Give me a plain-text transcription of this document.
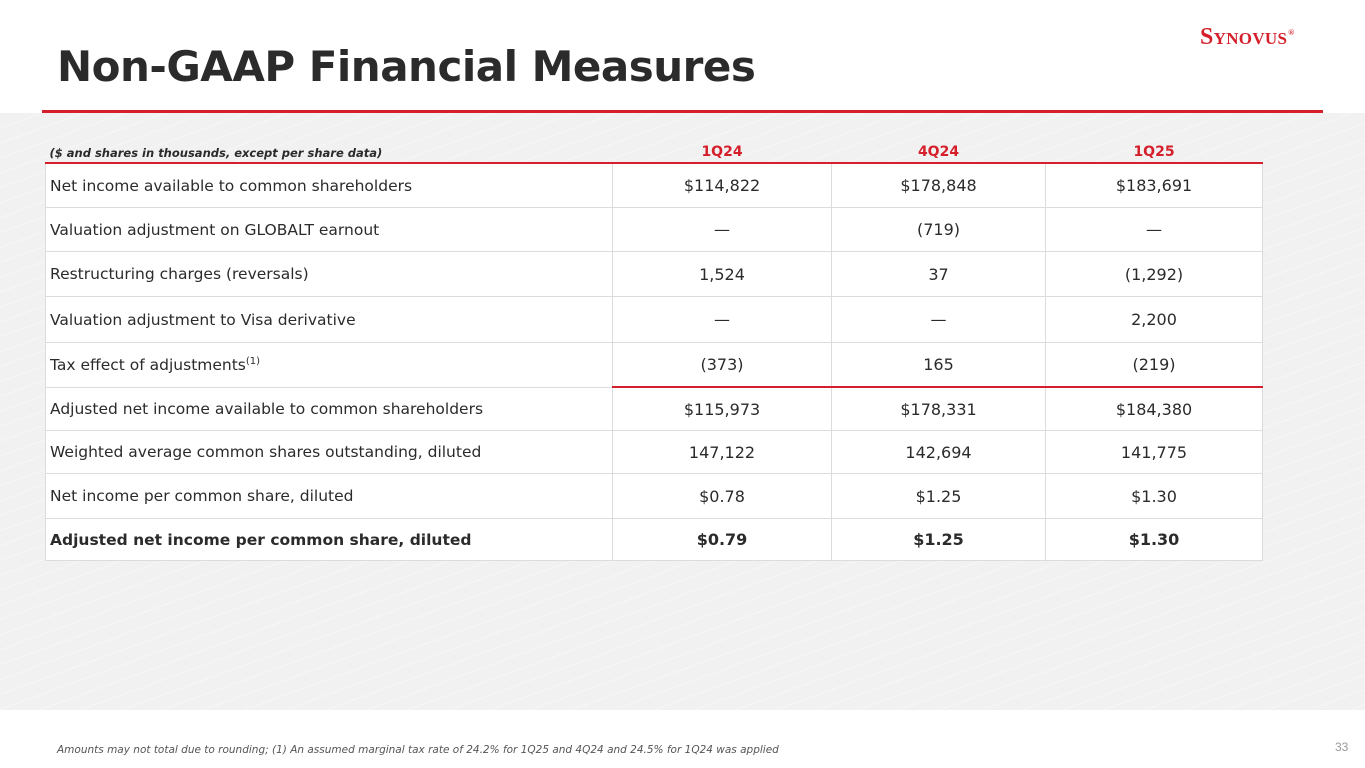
Non-GAAP Financial Measures
Synovus®
($ and shares in thousands, except per share data)	1Q24	4Q24	1Q25
Net income available to common shareholders	$114,822	$178,848	$183,691
Valuation adjustment on GLOBALT earnout	—	(719)	—
Restructuring charges (reversals)	1,524	37	(1,292)
Valuation adjustment to Visa derivative	—	—	2,200
Tax effect of adjustments$^{(1)}$	(373)	165	(219)
Adjusted net income available to common shareholders	$115,973	$178,331	$184,380
Weighted average common shares outstanding, diluted	147,122	142,694	141,775
Net income per common share, diluted	$0.78	$1.25	$1.30
Adjusted net income per common share, diluted	$0.79	$1.25	$1.30
Amounts may not total due to rounding; (1) An assumed marginal tax rate of 24.2% for 1Q25 and 4Q24 and 24.5% for 1Q24 was applied	33
